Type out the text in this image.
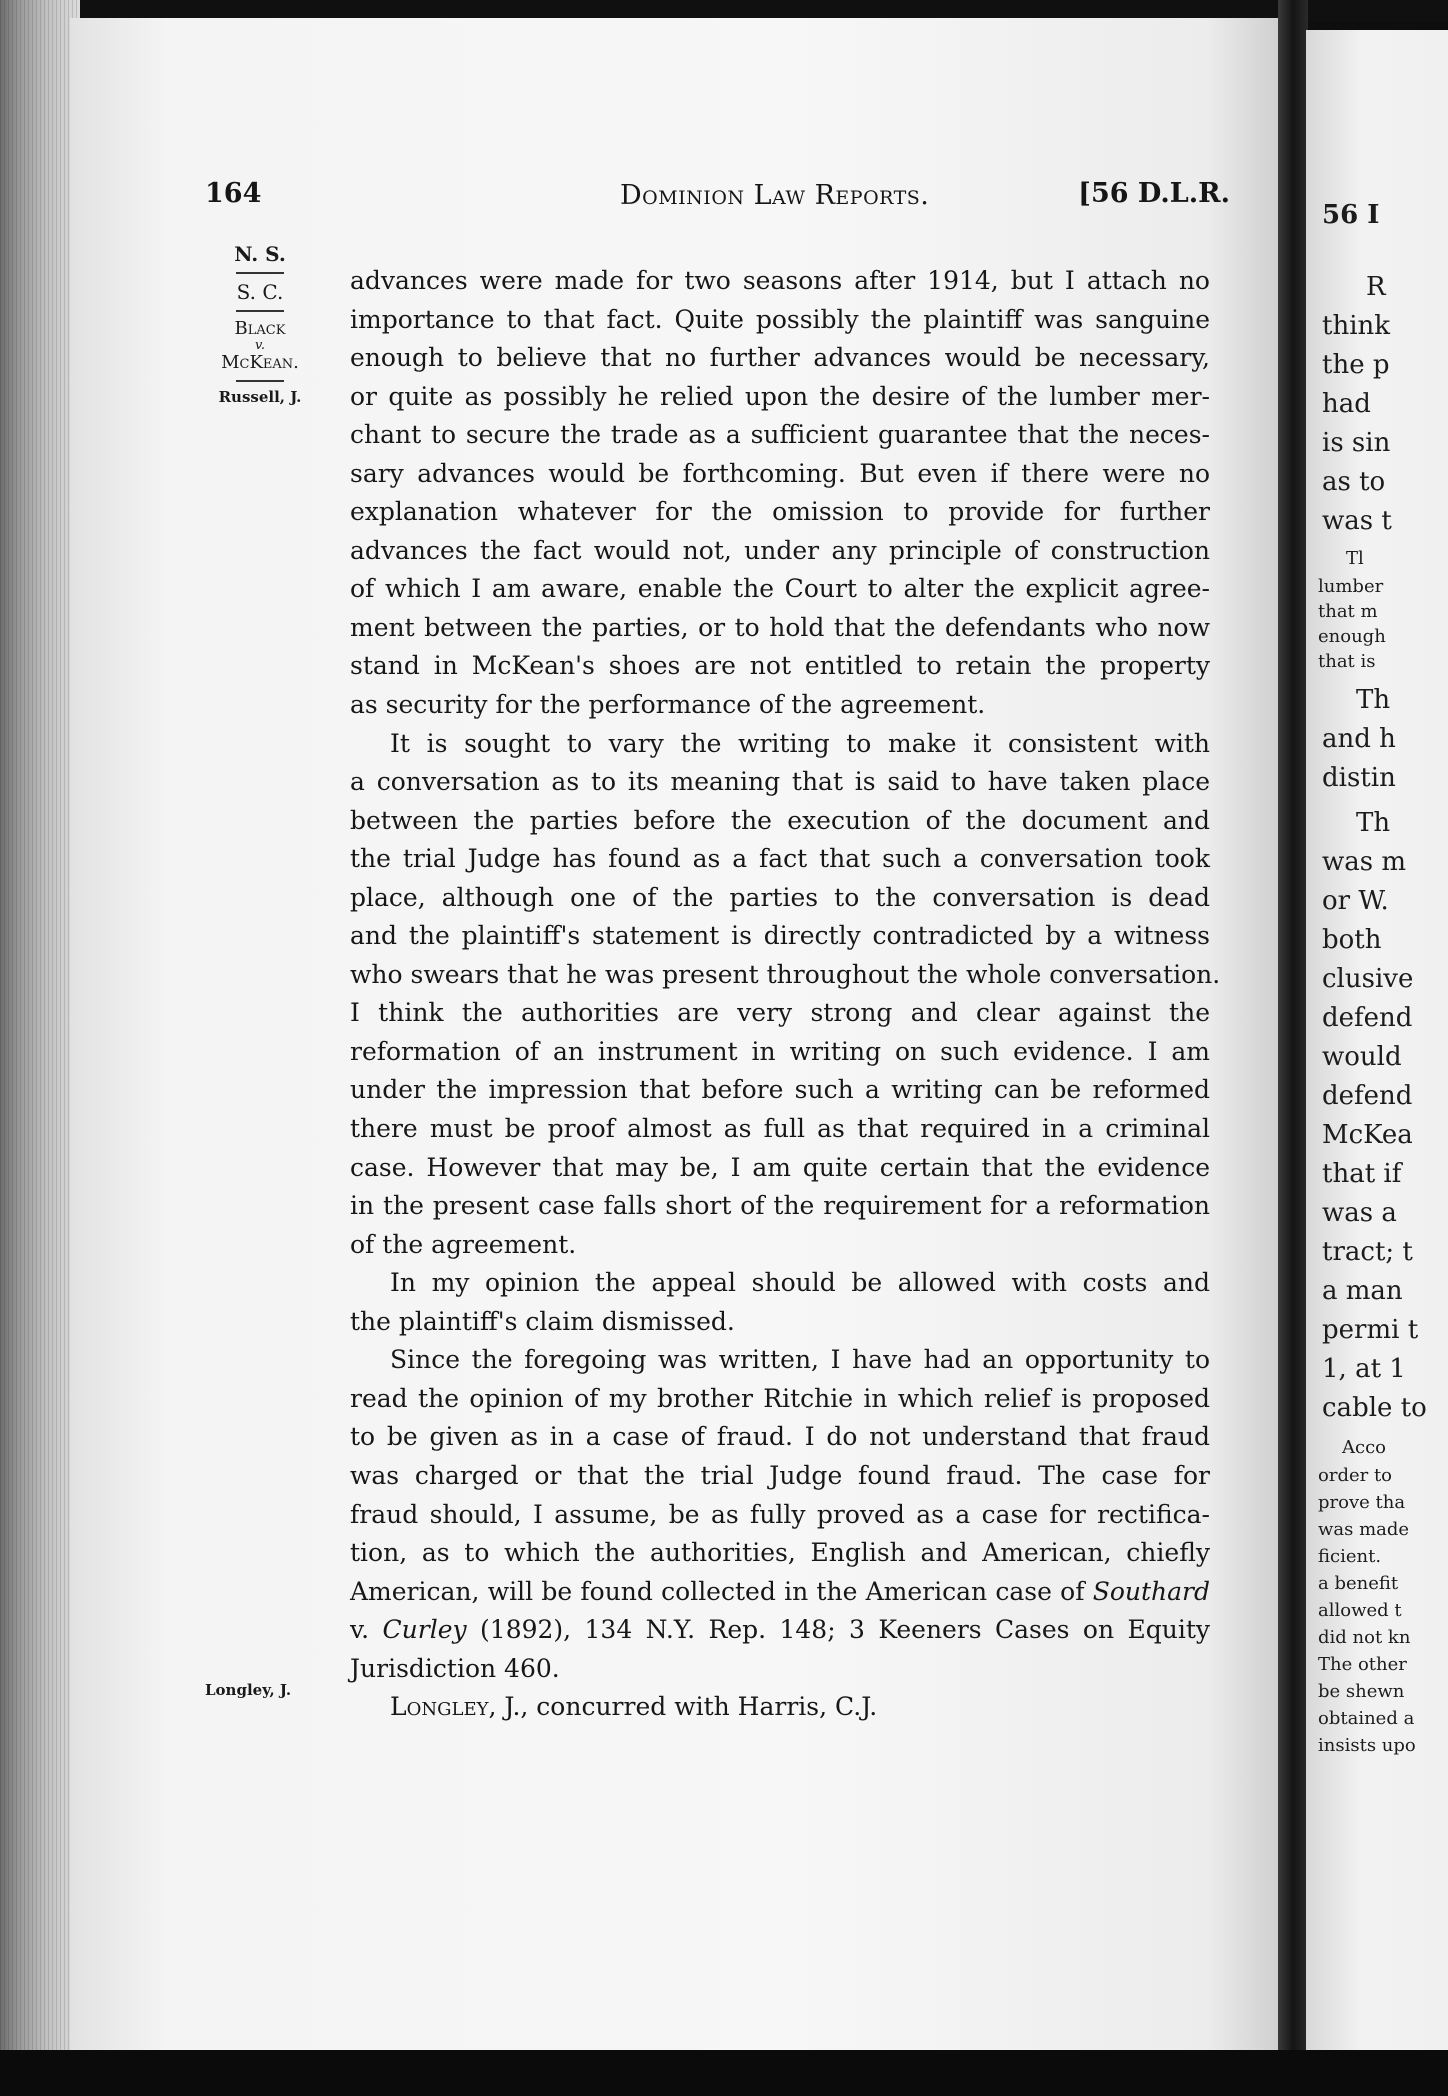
164	Dominion Law Reports.	[56 D.L.R.
N. S.
S. C.
Black
v.
McKean.
Russell, J.
Longley, J.
advances were made for two seasons after 1914, but I attach no
importance to that fact. Quite possibly the plaintiff was sanguine
enough to believe that no further advances would be necessary,
or quite as possibly he relied upon the desire of the lumber mer-
chant to secure the trade as a sufficient guarantee that the neces-
sary advances would be forthcoming. But even if there were no
explanation whatever for the omission to provide for further
advances the fact would not, under any principle of construction
of which I am aware, enable the Court to alter the explicit agree-
ment between the parties, or to hold that the defendants who now
stand in McKean's shoes are not entitled to retain the property
as security for the performance of the agreement.
It is sought to vary the writing to make it consistent with
a conversation as to its meaning that is said to have taken place
between the parties before the execution of the document and
the trial Judge has found as a fact that such a conversation took
place, although one of the parties to the conversation is dead
and the plaintiff's statement is directly contradicted by a witness
who swears that he was present throughout the whole conversation.
I think the authorities are very strong and clear against the
reformation of an instrument in writing on such evidence. I am
under the impression that before such a writing can be reformed
there must be proof almost as full as that required in a criminal
case. However that may be, I am quite certain that the evidence
in the present case falls short of the requirement for a reformation
of the agreement.
In my opinion the appeal should be allowed with costs and
the plaintiff's claim dismissed.
Since the foregoing was written, I have had an opportunity to
read the opinion of my brother Ritchie in which relief is proposed
to be given as in a case of fraud. I do not understand that fraud
was charged or that the trial Judge found fraud. The case for
fraud should, I assume, be as fully proved as a case for rectifica-
tion, as to which the authorities, English and American, chiefly
American, will be found collected in the American case of Southard
v. Curley (1892), 134 N.Y. Rep. 148; 3 Keeners Cases on Equity
Jurisdiction 460.
Longley, J., concurred with Harris, C.J.
56 I
R
think
the p
had
is sin
as to
was t
Tl
lumber
that m
enough
that is
Th
and h
distin
Th
was m
or W.
both
clusive
defend
would
defend
McKea
that if
was a
tract; t
a man
permi t
1, at 1
cable to
Acco
order to
prove tha
was made
ficient.
a benefit
allowed t
did not kn
The other
be shewn
obtained a
insists upo
